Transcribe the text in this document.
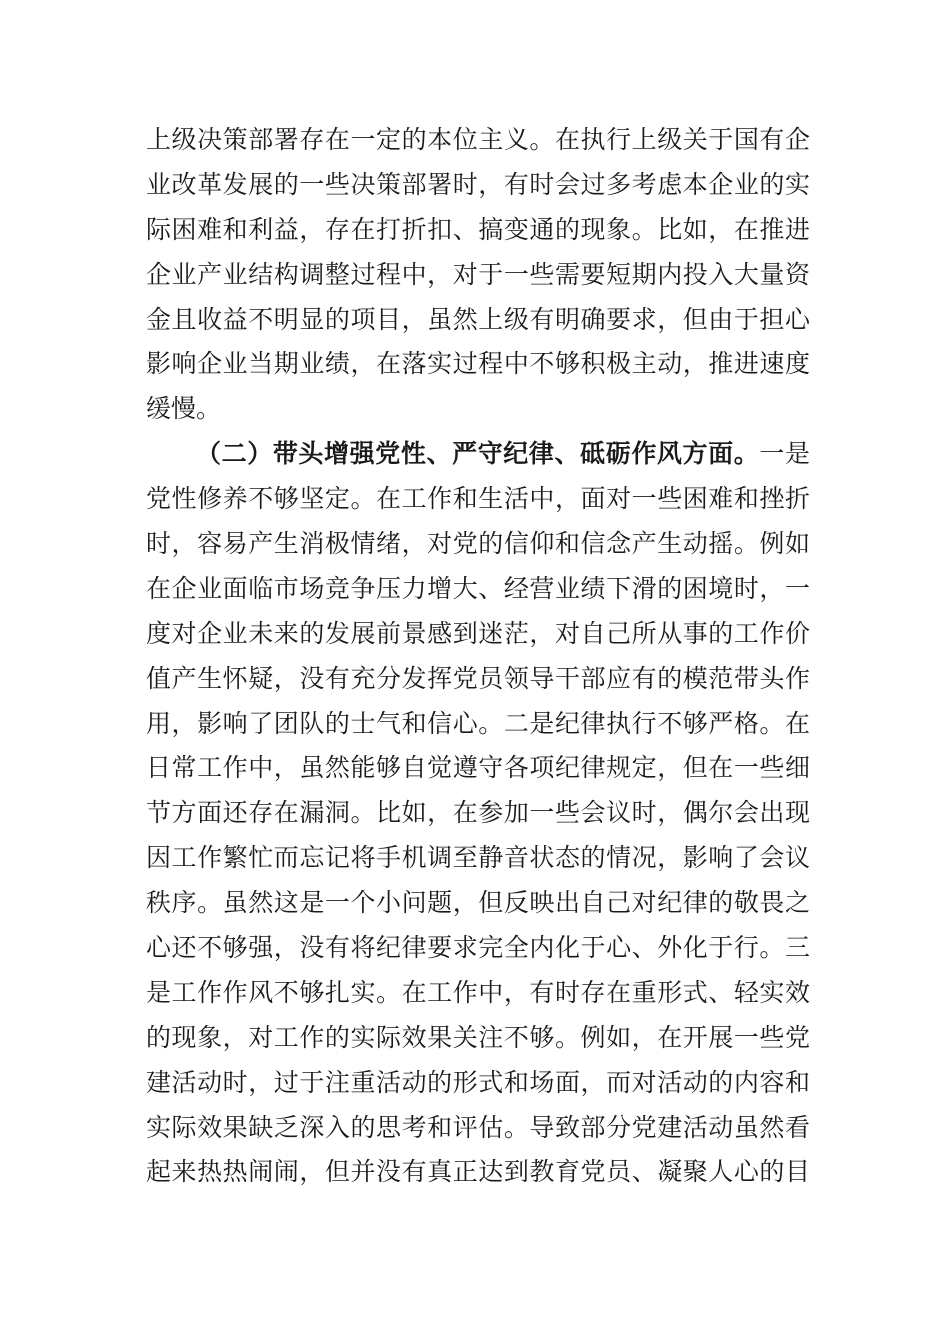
上级决策部署存在一定的本位主义。在执行上级关于国有企
业改革发展的一些决策部署时，有时会过多考虑本企业的实
际困难和利益，存在打折扣、搞变通的现象。比如，在推进
企业产业结构调整过程中，对于一些需要短期内投入大量资
金且收益不明显的项目，虽然上级有明确要求，但由于担心
影响企业当期业绩，在落实过程中不够积极主动，推进速度
缓慢。
（二）带头增强党性、严守纪律、砥砺作风方面。一是
党性修养不够坚定。在工作和生活中，面对一些困难和挫折
时，容易产生消极情绪，对党的信仰和信念产生动摇。例如
在企业面临市场竞争压力增大、经营业绩下滑的困境时，一
度对企业未来的发展前景感到迷茫，对自己所从事的工作价
值产生怀疑，没有充分发挥党员领导干部应有的模范带头作
用，影响了团队的士气和信心。二是纪律执行不够严格。在
日常工作中，虽然能够自觉遵守各项纪律规定，但在一些细
节方面还存在漏洞。比如，在参加一些会议时，偶尔会出现
因工作繁忙而忘记将手机调至静音状态的情况，影响了会议
秩序。虽然这是一个小问题，但反映出自己对纪律的敬畏之
心还不够强，没有将纪律要求完全内化于心、外化于行。三
是工作作风不够扎实。在工作中，有时存在重形式、轻实效
的现象，对工作的实际效果关注不够。例如，在开展一些党
建活动时，过于注重活动的形式和场面，而对活动的内容和
实际效果缺乏深入的思考和评估。导致部分党建活动虽然看
起来热热闹闹，但并没有真正达到教育党员、凝聚人心的目
